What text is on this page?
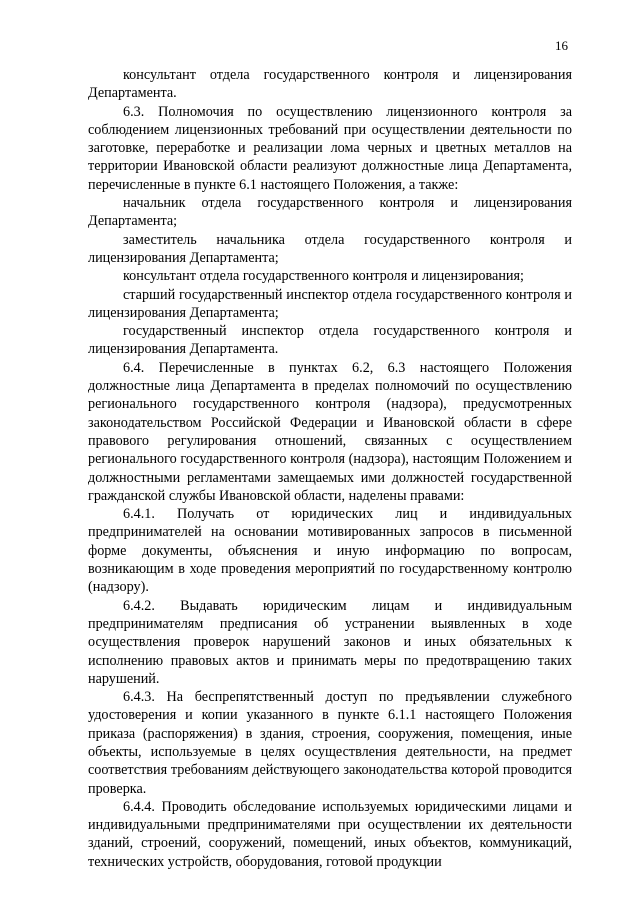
16

консультант отдела государственного контроля и лицензирования Департамента.

6.3. Полномочия по осуществлению лицензионного контроля за соблюдением лицензионных требований при осуществлении деятельности по заготовке, переработке и реализации лома черных и цветных металлов на территории Ивановской области реализуют должностные лица Департамента, перечисленные в пункте 6.1 настоящего Положения, а также:

начальник отдела государственного контроля и лицензирования Департамента;

заместитель начальника отдела государственного контроля и лицензирования Департамента;

консультант отдела государственного контроля и лицензирования;

старший государственный инспектор отдела государственного контроля и лицензирования Департамента;

государственный инспектор отдела государственного контроля и лицензирования Департамента.

6.4. Перечисленные в пунктах 6.2, 6.3 настоящего Положения должностные лица Департамента в пределах полномочий по осуществлению регионального государственного контроля (надзора), предусмотренных законодательством Российской Федерации и Ивановской области в сфере правового регулирования отношений, связанных с осуществлением регионального государственного контроля (надзора), настоящим Положением и должностными регламентами замещаемых ими должностей государственной гражданской службы Ивановской области, наделены правами:

6.4.1. Получать от юридических лиц и индивидуальных предпринимателей на основании мотивированных запросов в письменной форме документы, объяснения и иную информацию по вопросам, возникающим в ходе проведения мероприятий по государственному контролю (надзору).

6.4.2. Выдавать юридическим лицам и индивидуальным предпринимателям предписания об устранении выявленных в ходе осуществления проверок нарушений законов и иных обязательных к исполнению правовых актов и принимать меры по предотвращению таких нарушений.

6.4.3. На беспрепятственный доступ по предъявлении служебного удостоверения и копии указанного в пункте 6.1.1 настоящего Положения приказа (распоряжения) в здания, строения, сооружения, помещения, иные объекты, используемые в целях осуществления деятельности, на предмет соответствия требованиям действующего законодательства которой проводится проверка.

6.4.4. Проводить обследование используемых юридическими лицами и индивидуальными предпринимателями при осуществлении их деятельности зданий, строений, сооружений, помещений, иных объектов, коммуникаций, технических устройств, оборудования, готовой продукции
